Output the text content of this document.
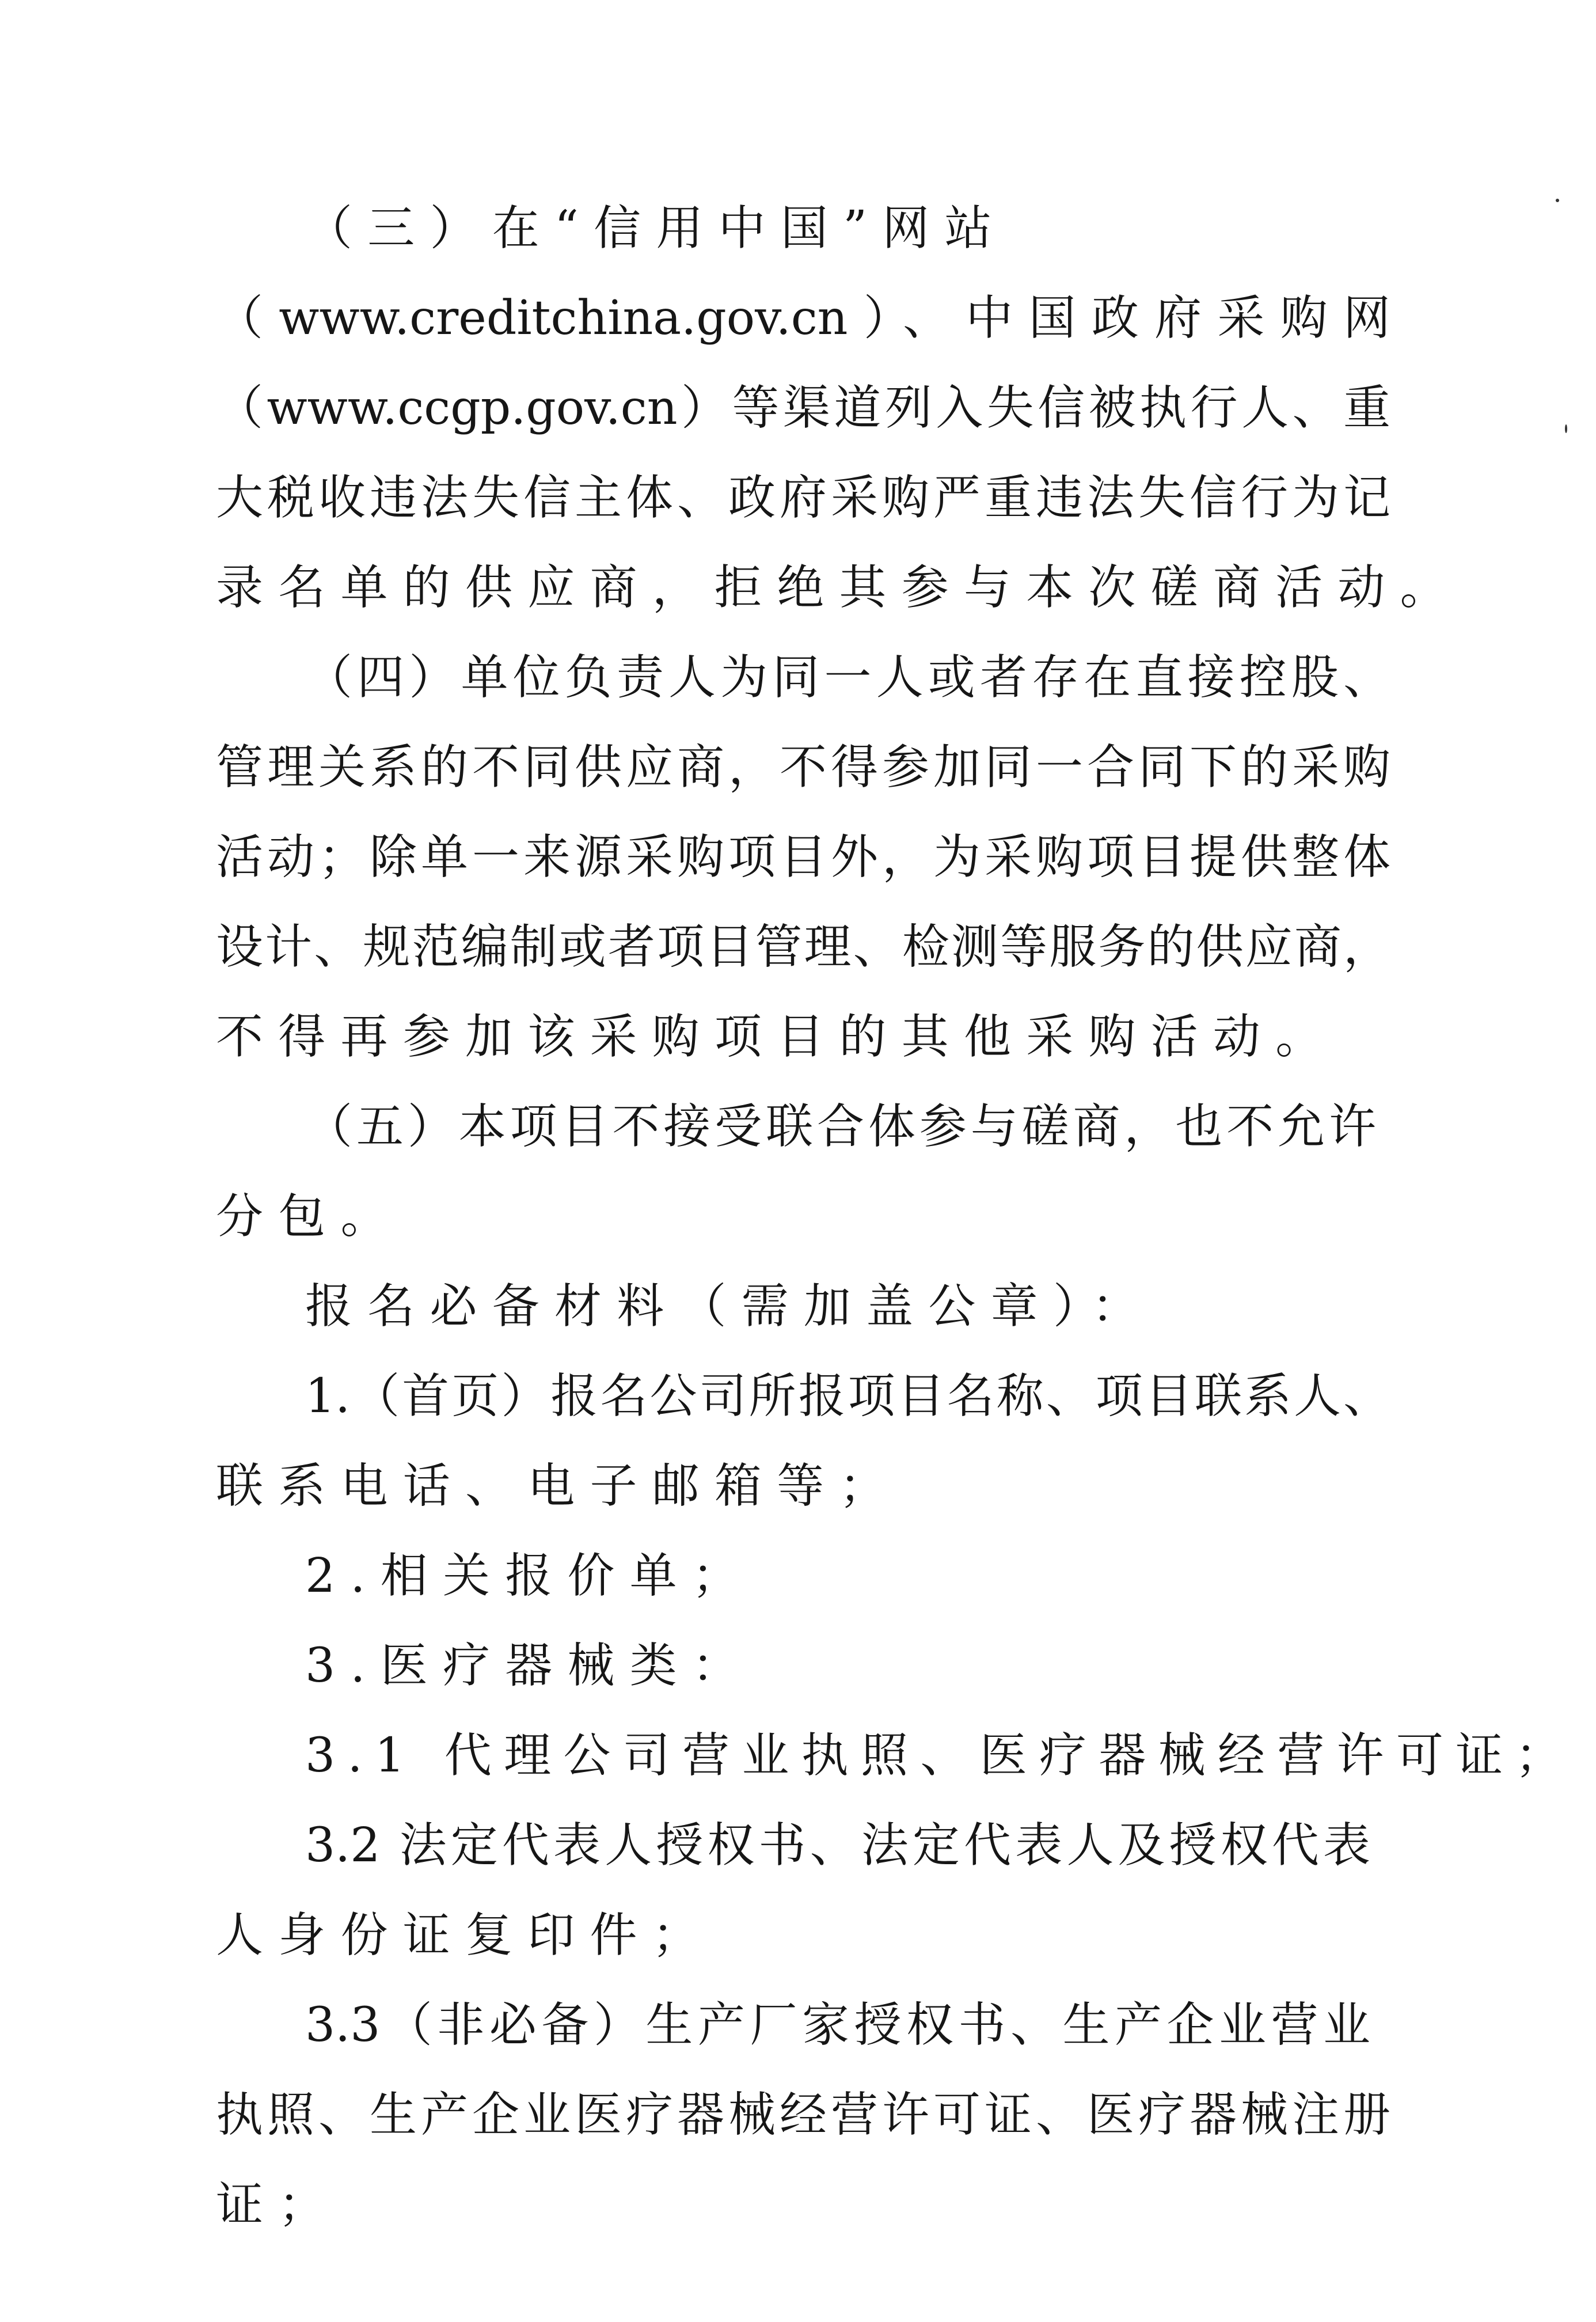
（三）在“信用中国”网站
（www.creditchina.gov.cn）、中国政府采购网
（www.ccgp.gov.cn）等渠道列入失信被执行人、重
大税收违法失信主体、政府采购严重违法失信行为记
录名单的供应商，拒绝其参与本次磋商活动。
（四）单位负责人为同一人或者存在直接控股、
管理关系的不同供应商，不得参加同一合同下的采购
活动；除单一来源采购项目外，为采购项目提供整体
设计、规范编制或者项目管理、检测等服务的供应商，
不得再参加该采购项目的其他采购活动。
（五）本项目不接受联合体参与磋商，也不允许
分包。
报名必备材料（需加盖公章）：
1.（首页）报名公司所报项目名称、项目联系人、
联系电话、电子邮箱等；
2.相关报价单；
3.医疗器械类：
3.1 代理公司营业执照、医疗器械经营许可证；
3.2 法定代表人授权书、法定代表人及授权代表
人身份证复印件；
3.3（非必备）生产厂家授权书、生产企业营业
执照、生产企业医疗器械经营许可证、医疗器械注册
证；
